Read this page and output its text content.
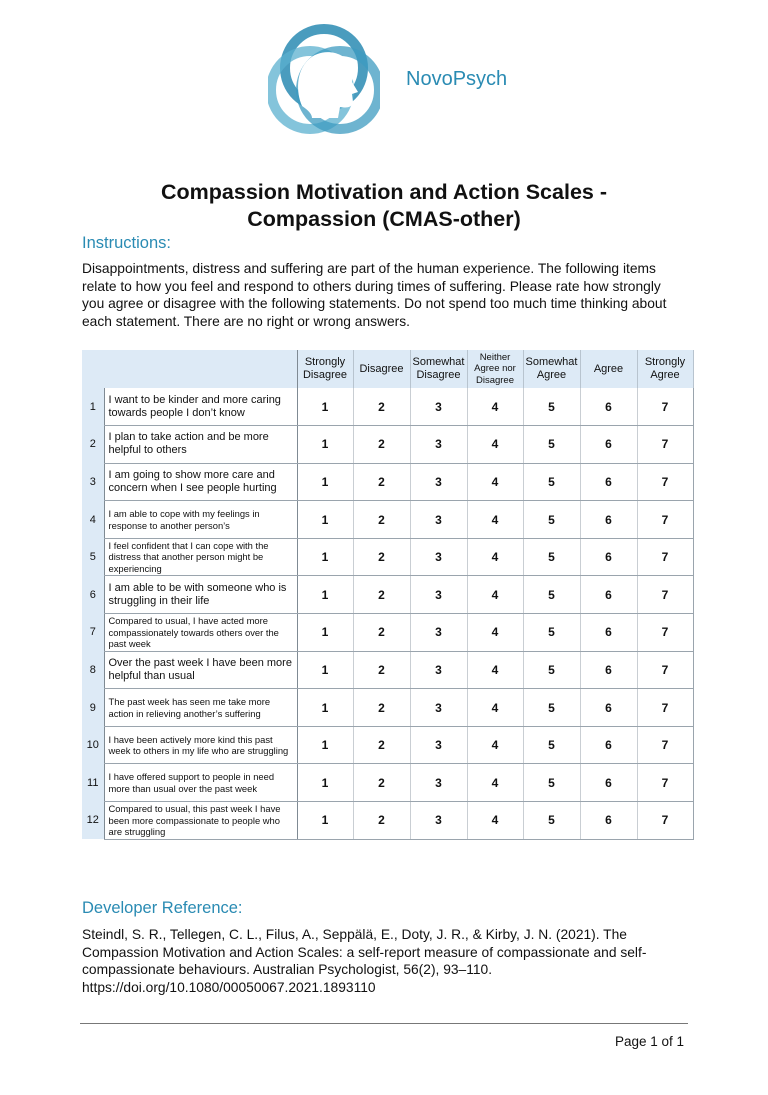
NovoPsych
Compassion Motivation and Action Scales -
Compassion (CMAS-other)
Instructions:
Disappointments, distress and suffering are part of the human experience. The following items relate to how you feel and respond to others during times of suffering. Please rate how strongly you agree or disagree with the following statements. Do not spend too much time thinking about each statement. There are no right or wrong answers.
		Strongly Disagree	Disagree	Somewhat Disagree	Neither Agree nor Disagree	Somewhat Agree	Agree	Strongly Agree
1	I want to be kinder and more caring towards people I don’t know	1	2	3	4	5	6	7
2	I plan to take action and be more helpful to others	1	2	3	4	5	6	7
3	I am going to show more care and concern when I see people hurting	1	2	3	4	5	6	7
4	I am able to cope with my feelings in response to another person’s	1	2	3	4	5	6	7
5	I feel confident that I can cope with the distress that another person might be experiencing	1	2	3	4	5	6	7
6	I am able to be with someone who is struggling in their life	1	2	3	4	5	6	7
7	Compared to usual, I have acted more compassionately towards others over the past week	1	2	3	4	5	6	7
8	Over the past week I have been more helpful than usual	1	2	3	4	5	6	7
9	The past week has seen me take more action in relieving another’s suffering	1	2	3	4	5	6	7
10	I have been actively more kind this past week to others in my life who are struggling	1	2	3	4	5	6	7
11	I have offered support to people in need more than usual over the past week	1	2	3	4	5	6	7
12	Compared to usual, this past week I have been more compassionate to people who are struggling	1	2	3	4	5	6	7
Developer Reference:
Steindl, S. R., Tellegen, C. L., Filus, A., Seppälä, E., Doty, J. R., & Kirby, J. N. (2021). The Compassion Motivation and Action Scales: a self-report measure of compassionate and self-compassionate behaviours. Australian Psychologist, 56(2), 93–110. https://doi.org/10.1080/00050067.2021.1893110
Page 1 of 1
